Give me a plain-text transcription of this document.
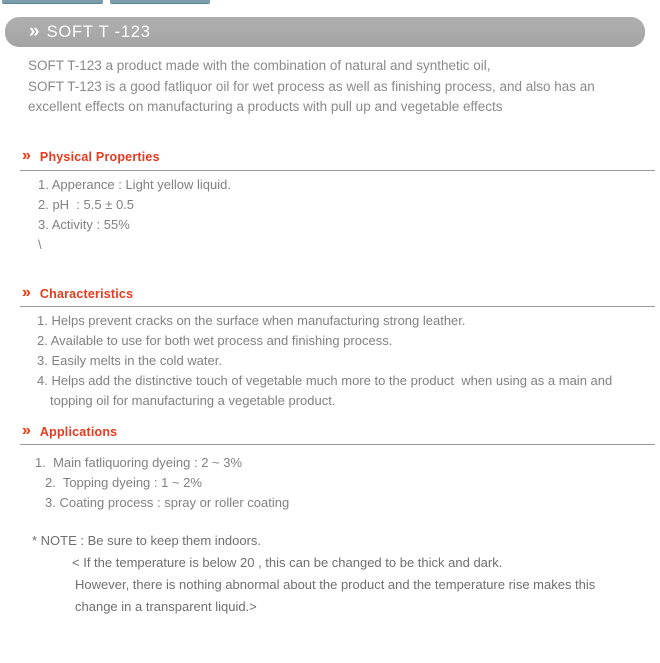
» SOFT T -123
SOFT T-123 a product made with the combination of natural and synthetic oil,
SOFT T-123 is a good fatliquor oil for wet process as well as finishing process, and also has an
excellent effects on manufacturing a products with pull up and vegetable effects
» Physical Properties
1. Apperance : Light yellow liquid.
2. pH  : 5.5 ± 0.5
3. Activity : 55%
\
» Characteristics
1. Helps prevent cracks on the surface when manufacturing strong leather.
2. Available to use for both wet process and finishing process.
3. Easily melts in the cold water.
4. Helps add the distinctive touch of vegetable much more to the product  when using as a main and
topping oil for manufacturing a vegetable product.
» Applications
1.  Main fatliquoring dyeing : 2 ~ 3%
2.  Topping dyeing : 1 ~ 2%
3. Coating process : spray or roller coating
* NOTE : Be sure to keep them indoors.
< If the temperature is below 20 , this can be changed to be thick and dark.
However, there is nothing abnormal about the product and the temperature rise makes this
change in a transparent liquid.>
